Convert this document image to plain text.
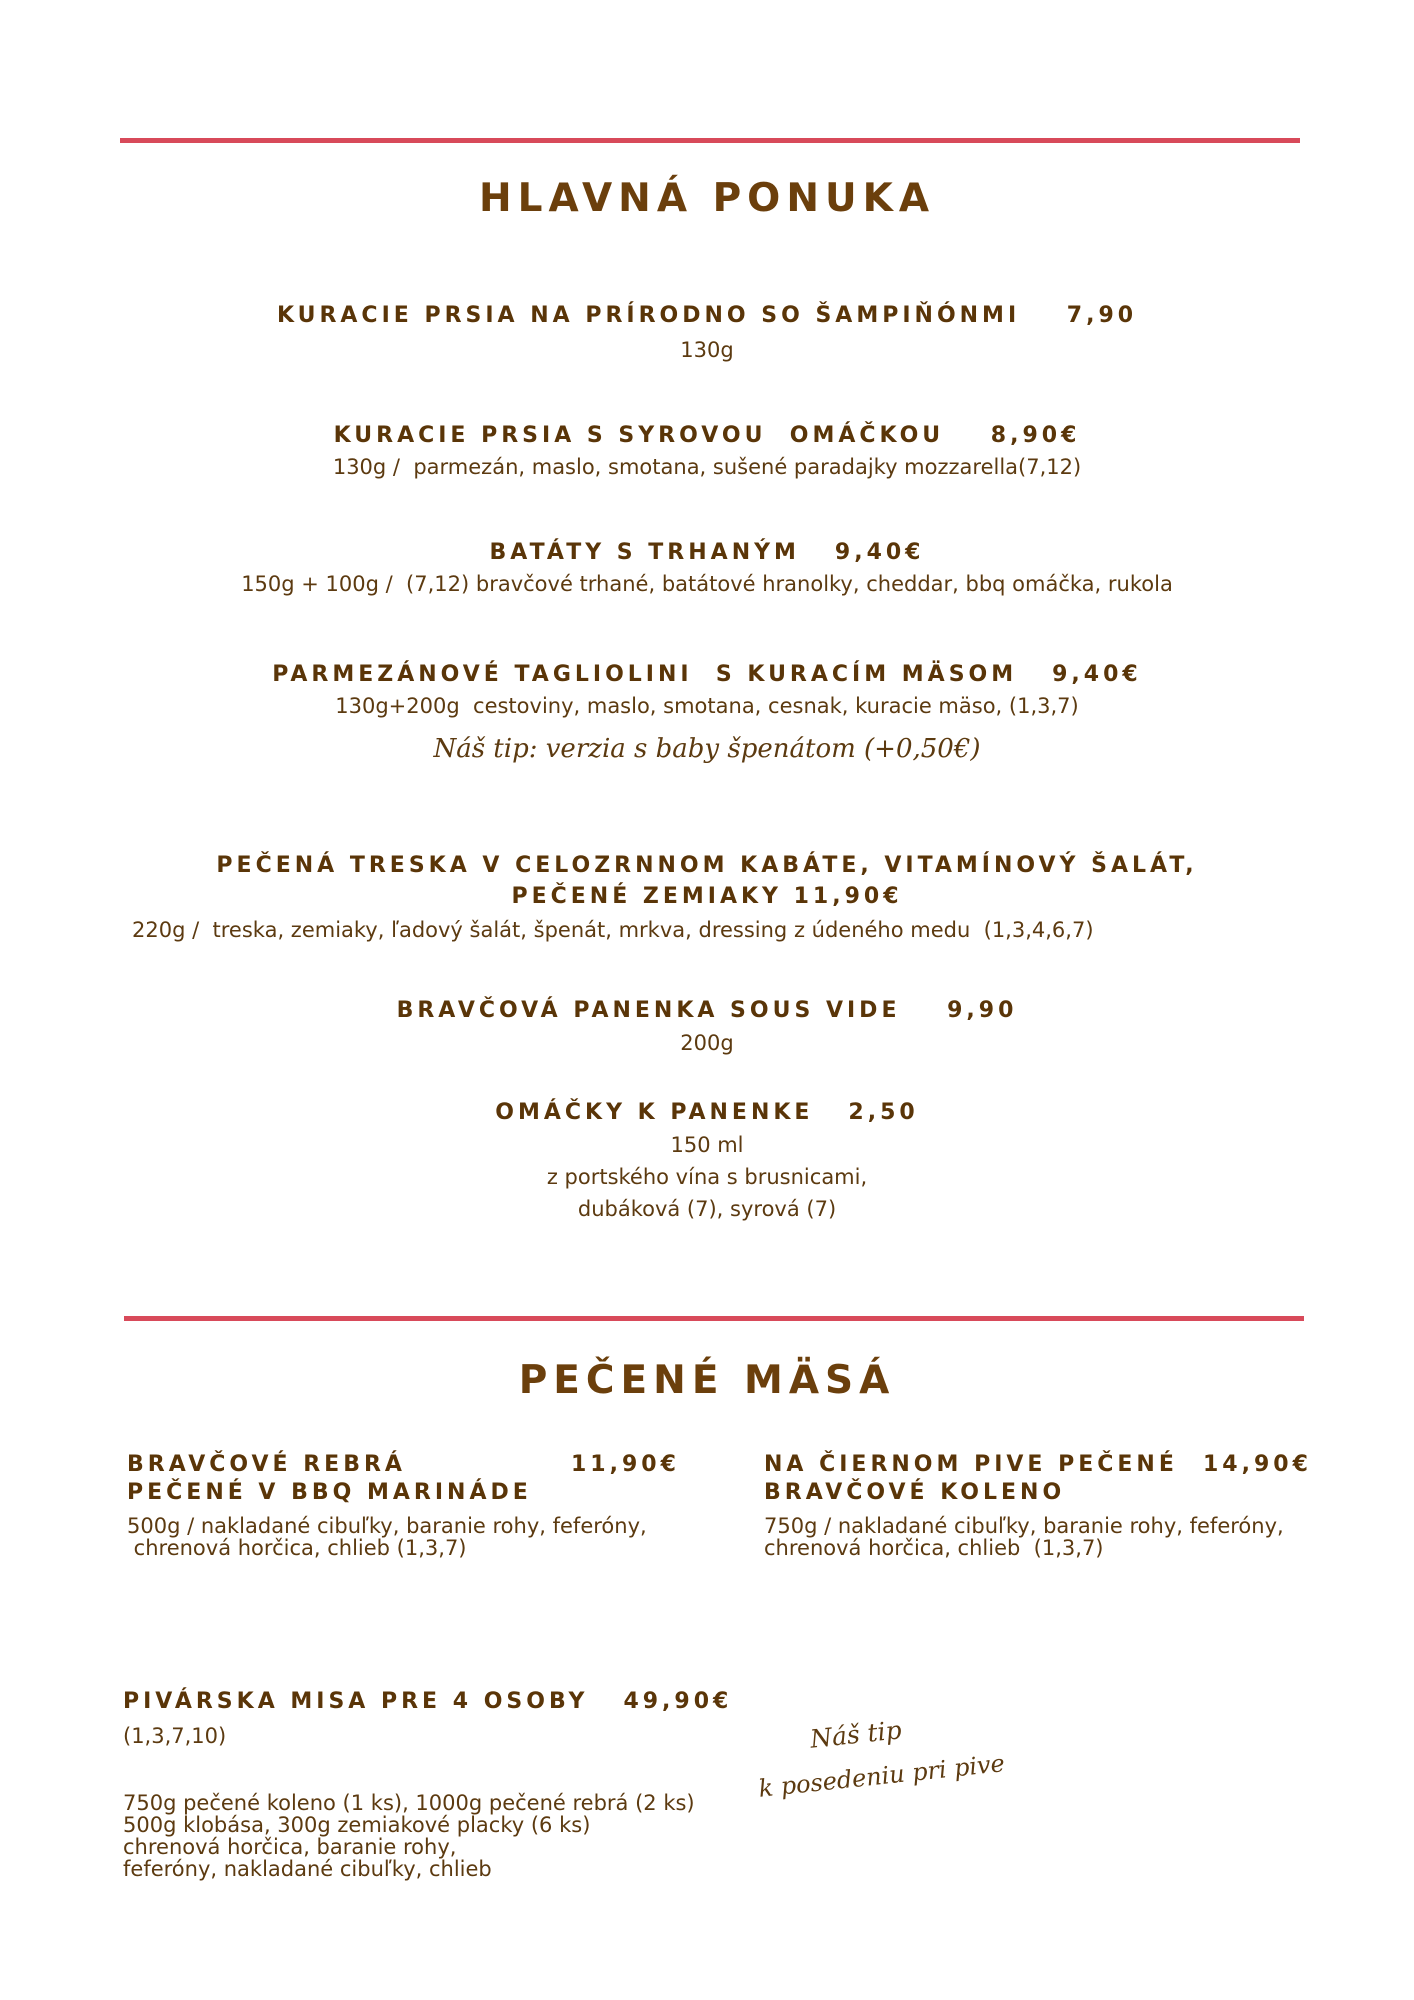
HLAVNÁ PONUKA
KURACIE PRSIA NA PRÍRODNO SO ŠAMPIŇÓNMI    7,90
130g
KURACIE PRSIA S SYROVOU  OMÁČKOU    8,90€
130g /  parmezán, maslo, smotana, sušené paradajky mozzarella(7,12)
BATÁTY S TRHANÝM   9,40€
150g + 100g /  (7,12) bravčové trhané, batátové hranolky, cheddar, bbq omáčka, rukola
PARMEZÁNOVÉ TAGLIOLINI  S KURACÍM MÄSOM   9,40€
130g+200g  cestoviny, maslo, smotana, cesnak, kuracie mäso, (1,3,7)
Náš tip: verzia s baby špenátom (+0,50€)
PEČENÁ TRESKA V CELOZRNNOM KABÁTE, VITAMÍNOVÝ ŠALÁT,
PEČENÉ ZEMIAKY 11,90€
220g /  treska, zemiaky, ľadový šalát, špenát, mrkva, dressing z údeného medu  (1,3,4,6,7)
BRAVČOVÁ PANENKA SOUS VIDE    9,90
200g
OMÁČKY K PANENKE   2,50
150 ml
z portského vína s brusnicami,
dubáková (7), syrová (7)
PEČENÉ MÄSÁ
BRAVČOVÉ REBRÁ	11,90€
PEČENÉ V BBQ MARINÁDE
500g / nakladané cibuľky, baranie rohy, feferóny,
chrenová horčica, chlieb (1,3,7)
NA ČIERNOM PIVE PEČENÉ 14,90€
BRAVČOVÉ KOLENO
750g / nakladané cibuľky, baranie rohy, feferóny,
chrenová horčica, chlieb  (1,3,7)
PIVÁRSKA MISA PRE 4 OSOBY   49,90€
(1,3,7,10)
750g pečené koleno (1 ks), 1000g pečené rebrá (2 ks)
500g klobása, 300g zemiakové placky (6 ks)
chrenová horčica, baranie rohy,
feferóny, nakladané cibuľky, chlieb
Náš tip
k posedeniu pri pive
